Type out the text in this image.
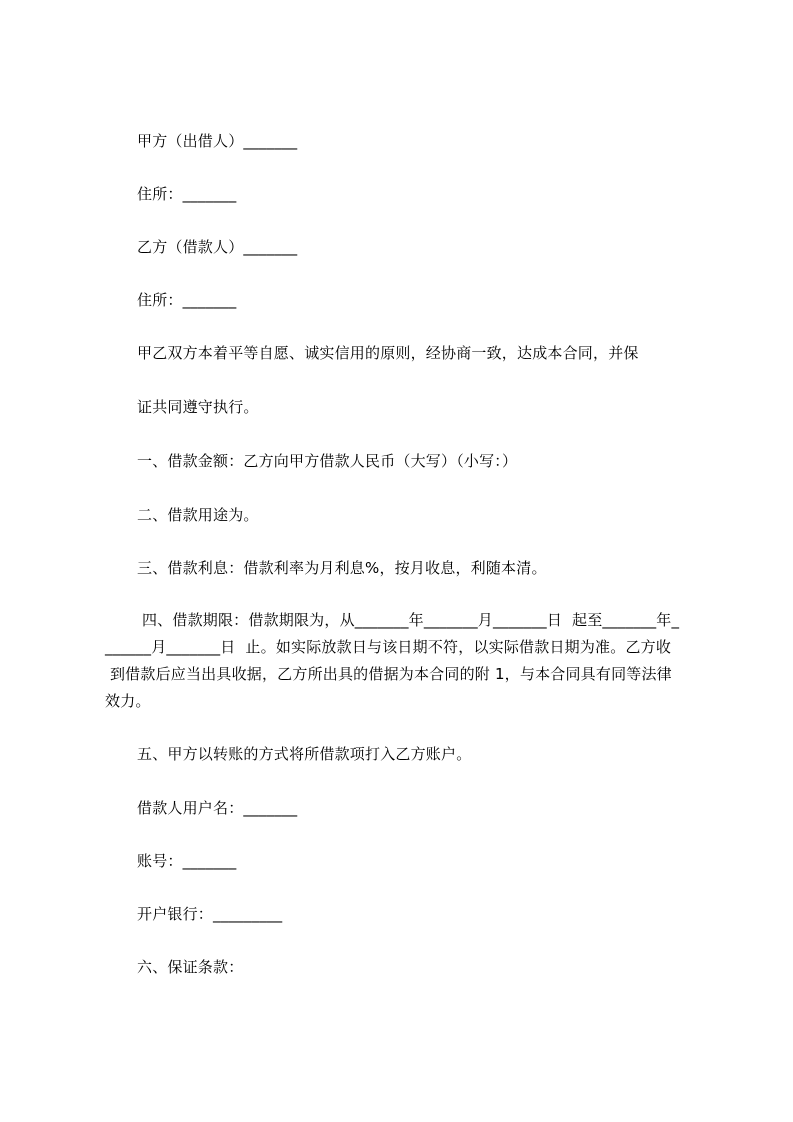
甲方（出借人）_______
住所：_______
乙方（借款人）_______
住所：_______
甲乙双方本着平等自愿、诚实信用的原则，经协商一致，达成本合同，并保
证共同遵守执行。
一、借款金额：乙方向甲方借款人民币（大写）（小写：）
二、借款用途为。
三、借款利息：借款利率为月利息%，按月收息，利随本清。
四、借款期限：借款期限为，从_______年_______月_______日  起至_______年_
______月_______日  止。如实际放款日与该日期不符，以实际借款日期为准。乙方收
到借款后应当出具收据，乙方所出具的借据为本合同的附 1，与本合同具有同等法律
效力。
五、甲方以转账的方式将所借款项打入乙方账户。
借款人用户名：_______
账号：_______
开户银行：_________
六、保证条款：
